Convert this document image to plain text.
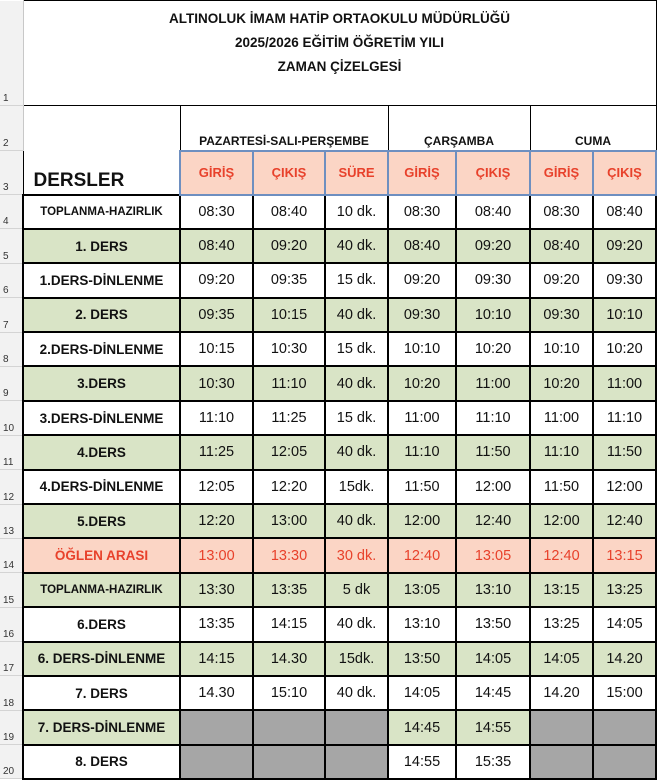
1	ALTINOLUK İMAM HATİP ORTAOKULU MÜDÜRLÜĞÜ
2025/2026 EĞİTİM ÖĞRETİM YILI
ZAMAN ÇİZELGESİ							

2	DERSLER	PAZARTESİ-SALI-PERŞEMBE			ÇARŞAMBA		CUMA	
3		GİRİŞ	ÇIKIŞ	SÜRE	GİRİŞ	ÇIKIŞ	GİRİŞ	ÇIKIŞ
4	TOPLANMA-HAZIRLIK	08:30	08:40	10 dk.	08:30	08:40	08:30	08:40
5	1. DERS	08:40	09:20	40 dk.	08:40	09:20	08:40	09:20
6	1.DERS-DİNLENME	09:20	09:35	15 dk.	09:20	09:30	09:20	09:30
7	2. DERS	09:35	10:15	40 dk.	09:30	10:10	09:30	10:10
8	2.DERS-DİNLENME	10:15	10:30	15 dk.	10:10	10:20	10:10	10:20
9	3.DERS	10:30	11:10	40 dk.	10:20	11:00	10:20	11:00
10	3.DERS-DİNLENME	11:10	11:25	15 dk.	11:00	11:10	11:00	11:10
11	4.DERS	11:25	12:05	40 dk.	11:10	11:50	11:10	11:50
12	4.DERS-DİNLENME	12:05	12:20	15dk.	11:50	12:00	11:50	12:00
13	5.DERS	12:20	13:00	40 dk.	12:00	12:40	12:00	12:40
14	ÖĞLEN ARASI	13:00	13:30	30 dk.	12:40	13:05	12:40	13:15
15	TOPLANMA-HAZIRLIK	13:30	13:35	5 dk	13:05	13:10	13:15	13:25
16	6.DERS	13:35	14:15	40 dk.	13:10	13:50	13:25	14:05
17	6. DERS-DİNLENME	14:15	14.30	15dk.	13:50	14:05	14:05	14.20
18	7. DERS	14.30	15:10	40 dk.	14:05	14:45	14.20	15:00
19	7. DERS-DİNLENME				14:45	14:55		
20	8. DERS				14:55	15:35		
